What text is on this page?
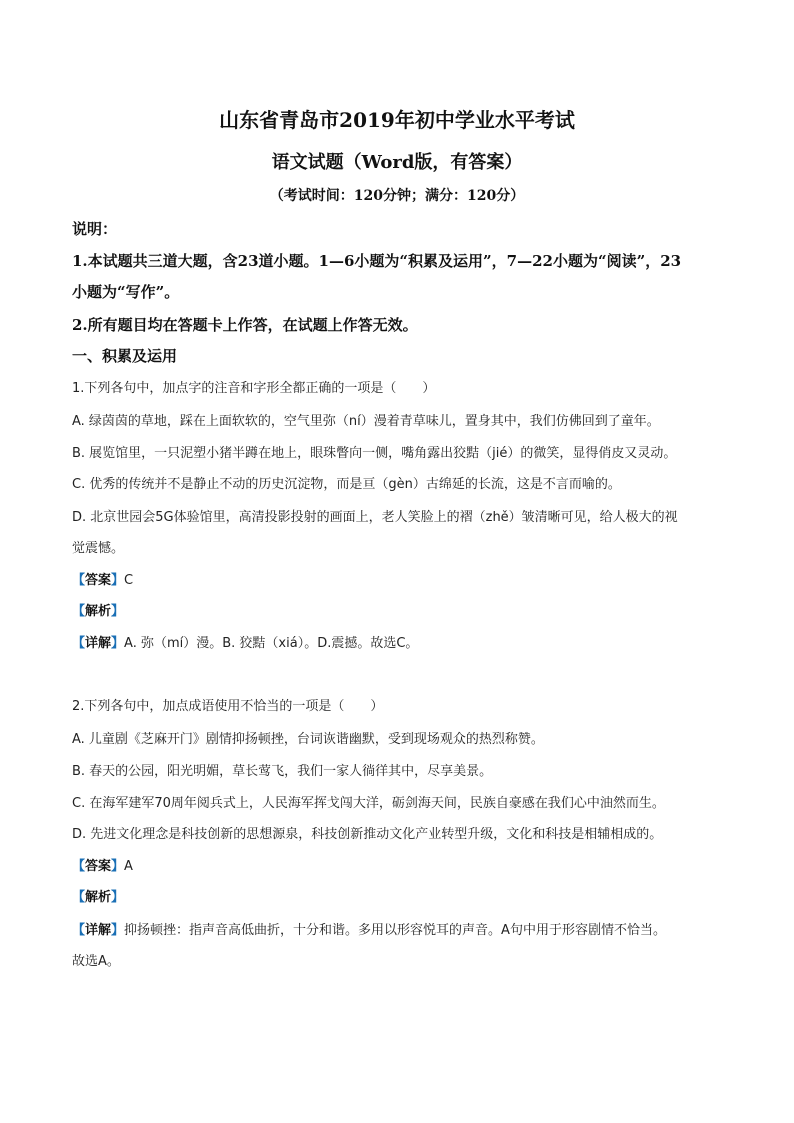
山东省青岛市2019年初中学业水平考试
语文试题（Word版，有答案）
（考试时间：120分钟；满分：120分）
说明：
1.本试题共三道大题，含23道小题。1—6小题为“积累及运用”，7—22小题为“阅读”，23
小题为“写作”。
2.所有题目均在答题卡上作答，在试题上作答无效。
一、积累及运用
1.下列各句中，加点字的注音和字形全都正确的一项是（　　）
A. 绿茵茵的草地，踩在上面软软的，空气里弥（ní）漫着青草味儿，置身其中，我们仿佛回到了童年。
B. 展览馆里，一只泥塑小猪半蹲在地上，眼珠瞥向一侧，嘴角露出狡黠（jié）的微笑，显得俏皮又灵动。
C. 优秀的传统并不是静止不动的历史沉淀物，而是亘（gèn）古绵延的长流，这是不言而喻的。
D. 北京世园会5G体验馆里，高清投影投射的画面上，老人笑脸上的褶（zhě）皱清晰可见，给人极大的视
觉震憾。
【答案】C
【解析】
【详解】A. 弥（mí）漫。B. 狡黠（xiá）。D.震撼。故选C。
2.下列各句中，加点成语使用不恰当的一项是（　　）
A. 儿童剧《芝麻开门》剧情抑扬顿挫，台词诙谐幽默，受到现场观众的热烈称赞。
B. 春天的公园，阳光明媚，草长莺飞，我们一家人徜徉其中，尽享美景。
C. 在海军建军70周年阅兵式上，人民海军挥戈闯大洋，砺剑海天间，民族自豪感在我们心中油然而生。
D. 先进文化理念是科技创新的思想源泉，科技创新推动文化产业转型升级，文化和科技是相辅相成的。
【答案】A
【解析】
【详解】抑扬顿挫：指声音高低曲折，十分和谐。多用以形容悦耳的声音。A句中用于形容剧情不恰当。
故选A。
